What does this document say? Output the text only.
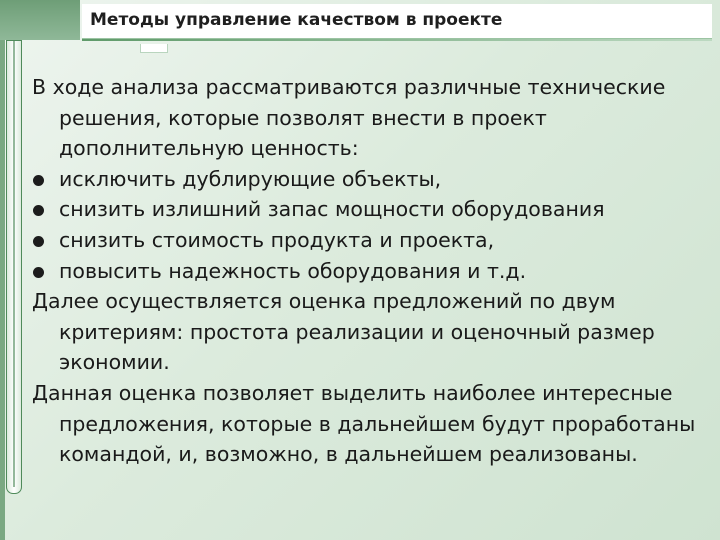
Методы управление качеством в проекте

В ходе анализа рассматриваются различные технические решения, которые позволят внести в проект дополнительную ценность:

исключить дублирующие объекты,
снизить излишний запас мощности оборудования
снизить стоимость продукта и проекта,
повысить надежность оборудования и т.д.

Далее осуществляется оценка предложений по двум критериям: простота реализации и оценочный размер экономии.

Данная оценка позволяет выделить наиболее интересные предложения, которые в дальнейшем будут проработаны командой, и, возможно, в дальнейшем реализованы.
